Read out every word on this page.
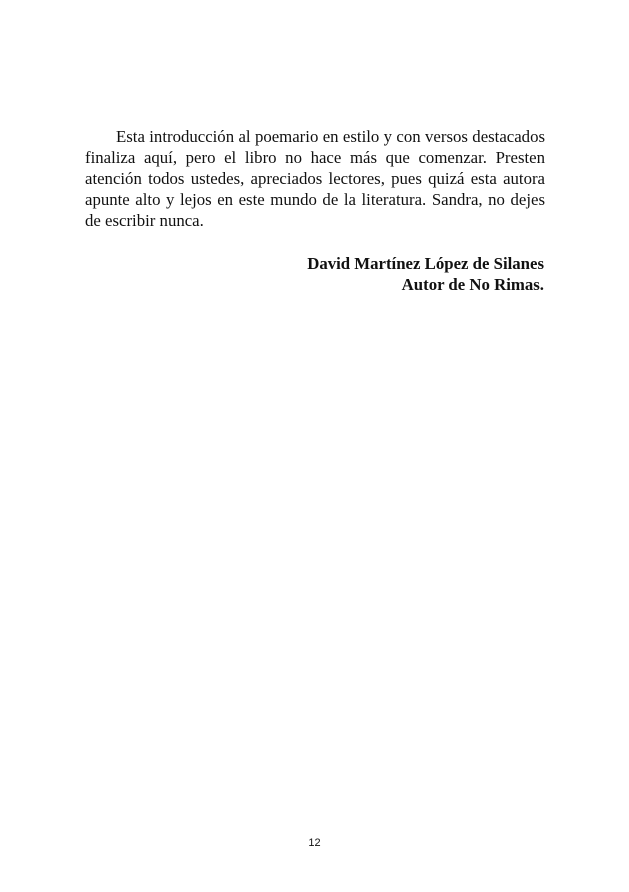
Esta introducción al poemario en estilo y con versos destacados finaliza aquí, pero el libro no hace más que comenzar. Presten atención todos ustedes, apreciados lectores, pues quizá esta autora apunte alto y lejos en este mundo de la literatura. Sandra, no dejes de escribir nunca.

David Martínez López de Silanes
Autor de No Rimas.
12
